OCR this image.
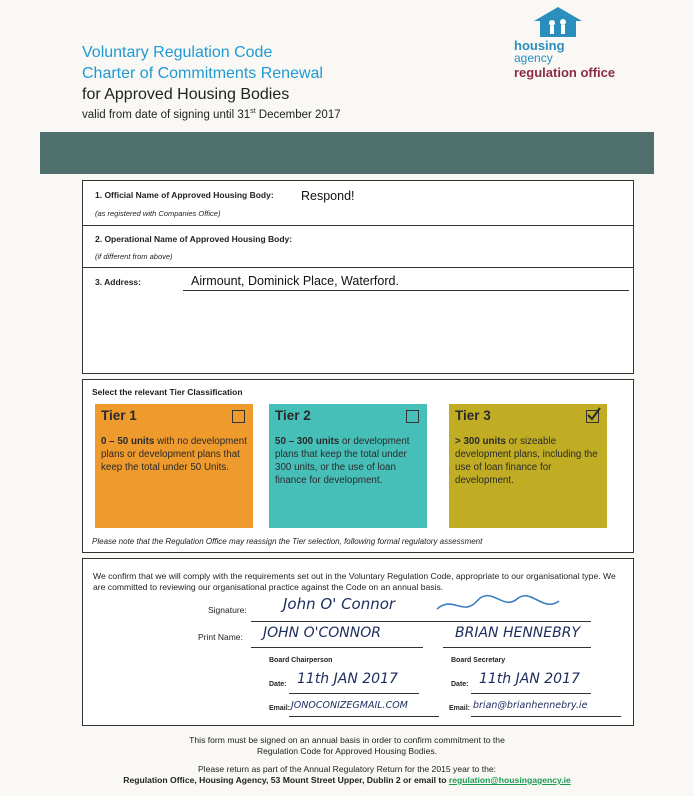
Voluntary Regulation Code
Charter of Commitments Renewal
for Approved Housing Bodies
valid from date of signing until 31st December 2017
housing
agency
regulation office
1. Official Name of Approved Housing Body: Respond!
(as registered with Companies Office)
2. Operational Name of Approved Housing Body:
(if different from above)
3. Address:	Airmount, Dominick Place, Waterford.
Select the relevant Tier Classification
Tier 1
0 – 50 units with no development plans or development plans that keep the total under 50 Units.
Tier 2
50 – 300 units or development plans that keep the total under 300 units, or the use of loan finance for development.
Tier 3
> 300 units or sizeable development plans, including the use of loan finance for development.
Please note that the Regulation Office may reassign the Tier selection, following formal regulatory assessment
We confirm that we will comply with the requirements set out in the Voluntary Regulation Code, appropriate to our organisational type. We are committed to reviewing our organisational practice against the Code on an annual basis.
Signature: John O' Connor
Print Name: JOHN O'CONNOR	BRIAN HENNEBRY
Board Chairperson	Board Secretary
Date: 11th JAN 2017	Date: 11th JAN 2017
Email: JONOCONIZEGMAIL.COM	Email: brian@brianhennebry.ie
This form must be signed on an annual basis in order to confirm commitment to the
Regulation Code for Approved Housing Bodies.
Please return as part of the Annual Regulatory Return for the 2015 year to the:
Regulation Office, Housing Agency, 53 Mount Street Upper, Dublin 2 or email to regulation@housingagency.ie
